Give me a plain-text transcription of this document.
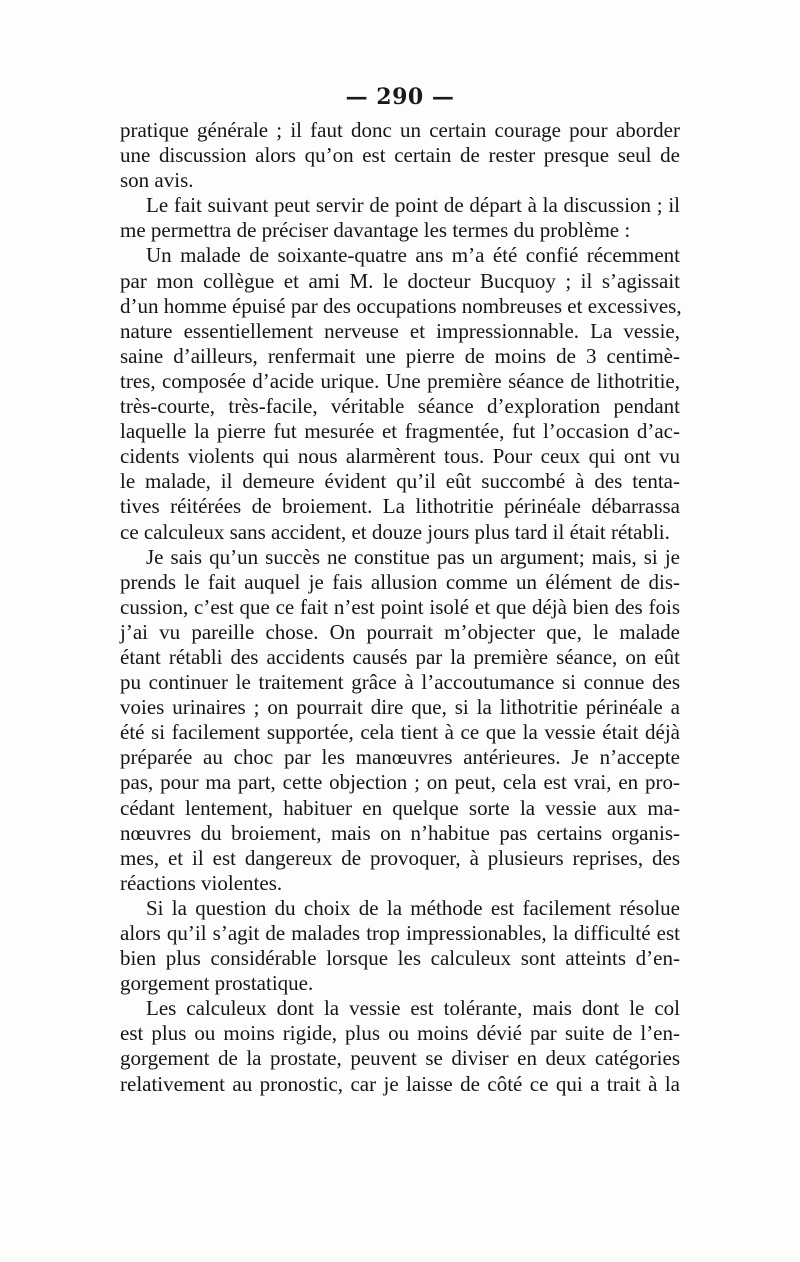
— 290 —
pratique générale ; il faut donc un certain courage pour aborder
une discussion alors qu’on est certain de rester presque seul de
son avis.
Le fait suivant peut servir de point de départ à la discussion ; il
me permettra de préciser davantage les termes du problème :
Un malade de soixante-quatre ans m’a été confié récemment
par mon collègue et ami M. le docteur Bucquoy ; il s’agissait
d’un homme épuisé par des occupations nombreuses et excessives,
nature essentiellement nerveuse et impressionnable. La vessie,
saine d’ailleurs, renfermait une pierre de moins de 3 centimè-
tres, composée d’acide urique. Une première séance de lithotritie,
très-courte, très-facile, véritable séance d’exploration pendant
laquelle la pierre fut mesurée et fragmentée, fut l’occasion d’ac-
cidents violents qui nous alarmèrent tous. Pour ceux qui ont vu
le malade, il demeure évident qu’il eût succombé à des tenta-
tives réitérées de broiement. La lithotritie périnéale débarrassa
ce calculeux sans accident, et douze jours plus tard il était rétabli.
Je sais qu’un succès ne constitue pas un argument; mais, si je
prends le fait auquel je fais allusion comme un élément de dis-
cussion, c’est que ce fait n’est point isolé et que déjà bien des fois
j’ai vu pareille chose. On pourrait m’objecter que, le malade
étant rétabli des accidents causés par la première séance, on eût
pu continuer le traitement grâce à l’accoutumance si connue des
voies urinaires ; on pourrait dire que, si la lithotritie périnéale a
été si facilement supportée, cela tient à ce que la vessie était déjà
préparée au choc par les manœuvres antérieures. Je n’accepte
pas, pour ma part, cette objection ; on peut, cela est vrai, en pro-
cédant lentement, habituer en quelque sorte la vessie aux ma-
nœuvres du broiement, mais on n’habitue pas certains organis-
mes, et il est dangereux de provoquer, à plusieurs reprises, des
réactions violentes.
Si la question du choix de la méthode est facilement résolue
alors qu’il s’agit de malades trop impressionables, la difficulté est
bien plus considérable lorsque les calculeux sont atteints d’en-
gorgement prostatique.
Les calculeux dont la vessie est tolérante, mais dont le col
est plus ou moins rigide, plus ou moins dévié par suite de l’en-
gorgement de la prostate, peuvent se diviser en deux catégories
relativement au pronostic, car je laisse de côté ce qui a trait à la
